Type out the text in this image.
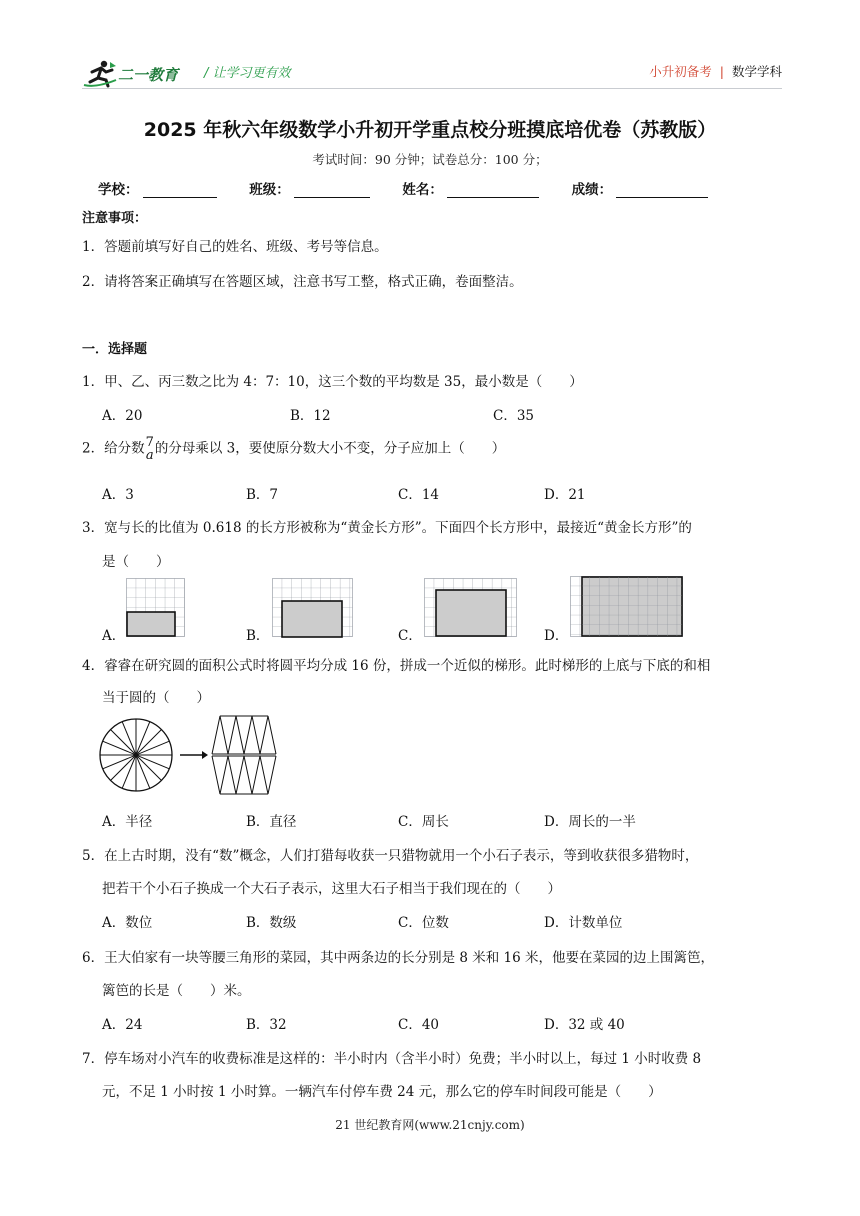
二一教育 / 让学习更有效	小升初备考 | 数学学科
2025 年秋六年级数学小升初开学重点校分班摸底培优卷（苏教版）
考试时间：90 分钟；试卷总分：100 分；
学校：	班级：	姓名：	成绩：
注意事项：
1．答题前填写好自己的姓名、班级、考号等信息。
2．请将答案正确填写在答题区域，注意书写工整，格式正确，卷面整洁。
一．选择题
1．甲、乙、丙三数之比为 4：7：10，这三个数的平均数是 35，最小数是（　　）
A．20	B．12	C．35
2．给分数 7
a 的分母乘以 3，要使原分数大小不变，分子应加上（　　）
A．3	B．7	C．14	D．21
3．宽与长的比值为 0.618 的长方形被称为“黄金长方形”。下面四个长方形中，最接近“黄金长方形”的
是（　　）
A．	B．	C．	D．
4．睿睿在研究圆的面积公式时将圆平均分成 16 份，拼成一个近似的梯形。此时梯形的上底与下底的和相
当于圆的（　　）
A．半径	B．直径	C．周长	D．周长的一半
5．在上古时期，没有“数”概念，人们打猎每收获一只猎物就用一个小石子表示，等到收获很多猎物时，
把若干个小石子换成一个大石子表示，这里大石子相当于我们现在的（　　）
A．数位	B．数级	C．位数	D．计数单位
6．王大伯家有一块等腰三角形的菜园，其中两条边的长分别是 8 米和 16 米，他要在菜园的边上围篱笆，
篱笆的长是（　　）米。
A．24	B．32	C．40	D．32 或 40
7．停车场对小汽车的收费标准是这样的：半小时内（含半小时）免费；半小时以上，每过 1 小时收费 8
元，不足 1 小时按 1 小时算。一辆汽车付停车费 24 元，那么它的停车时间段可能是（　　）
21 世纪教育网(www.21cnjy.com)
